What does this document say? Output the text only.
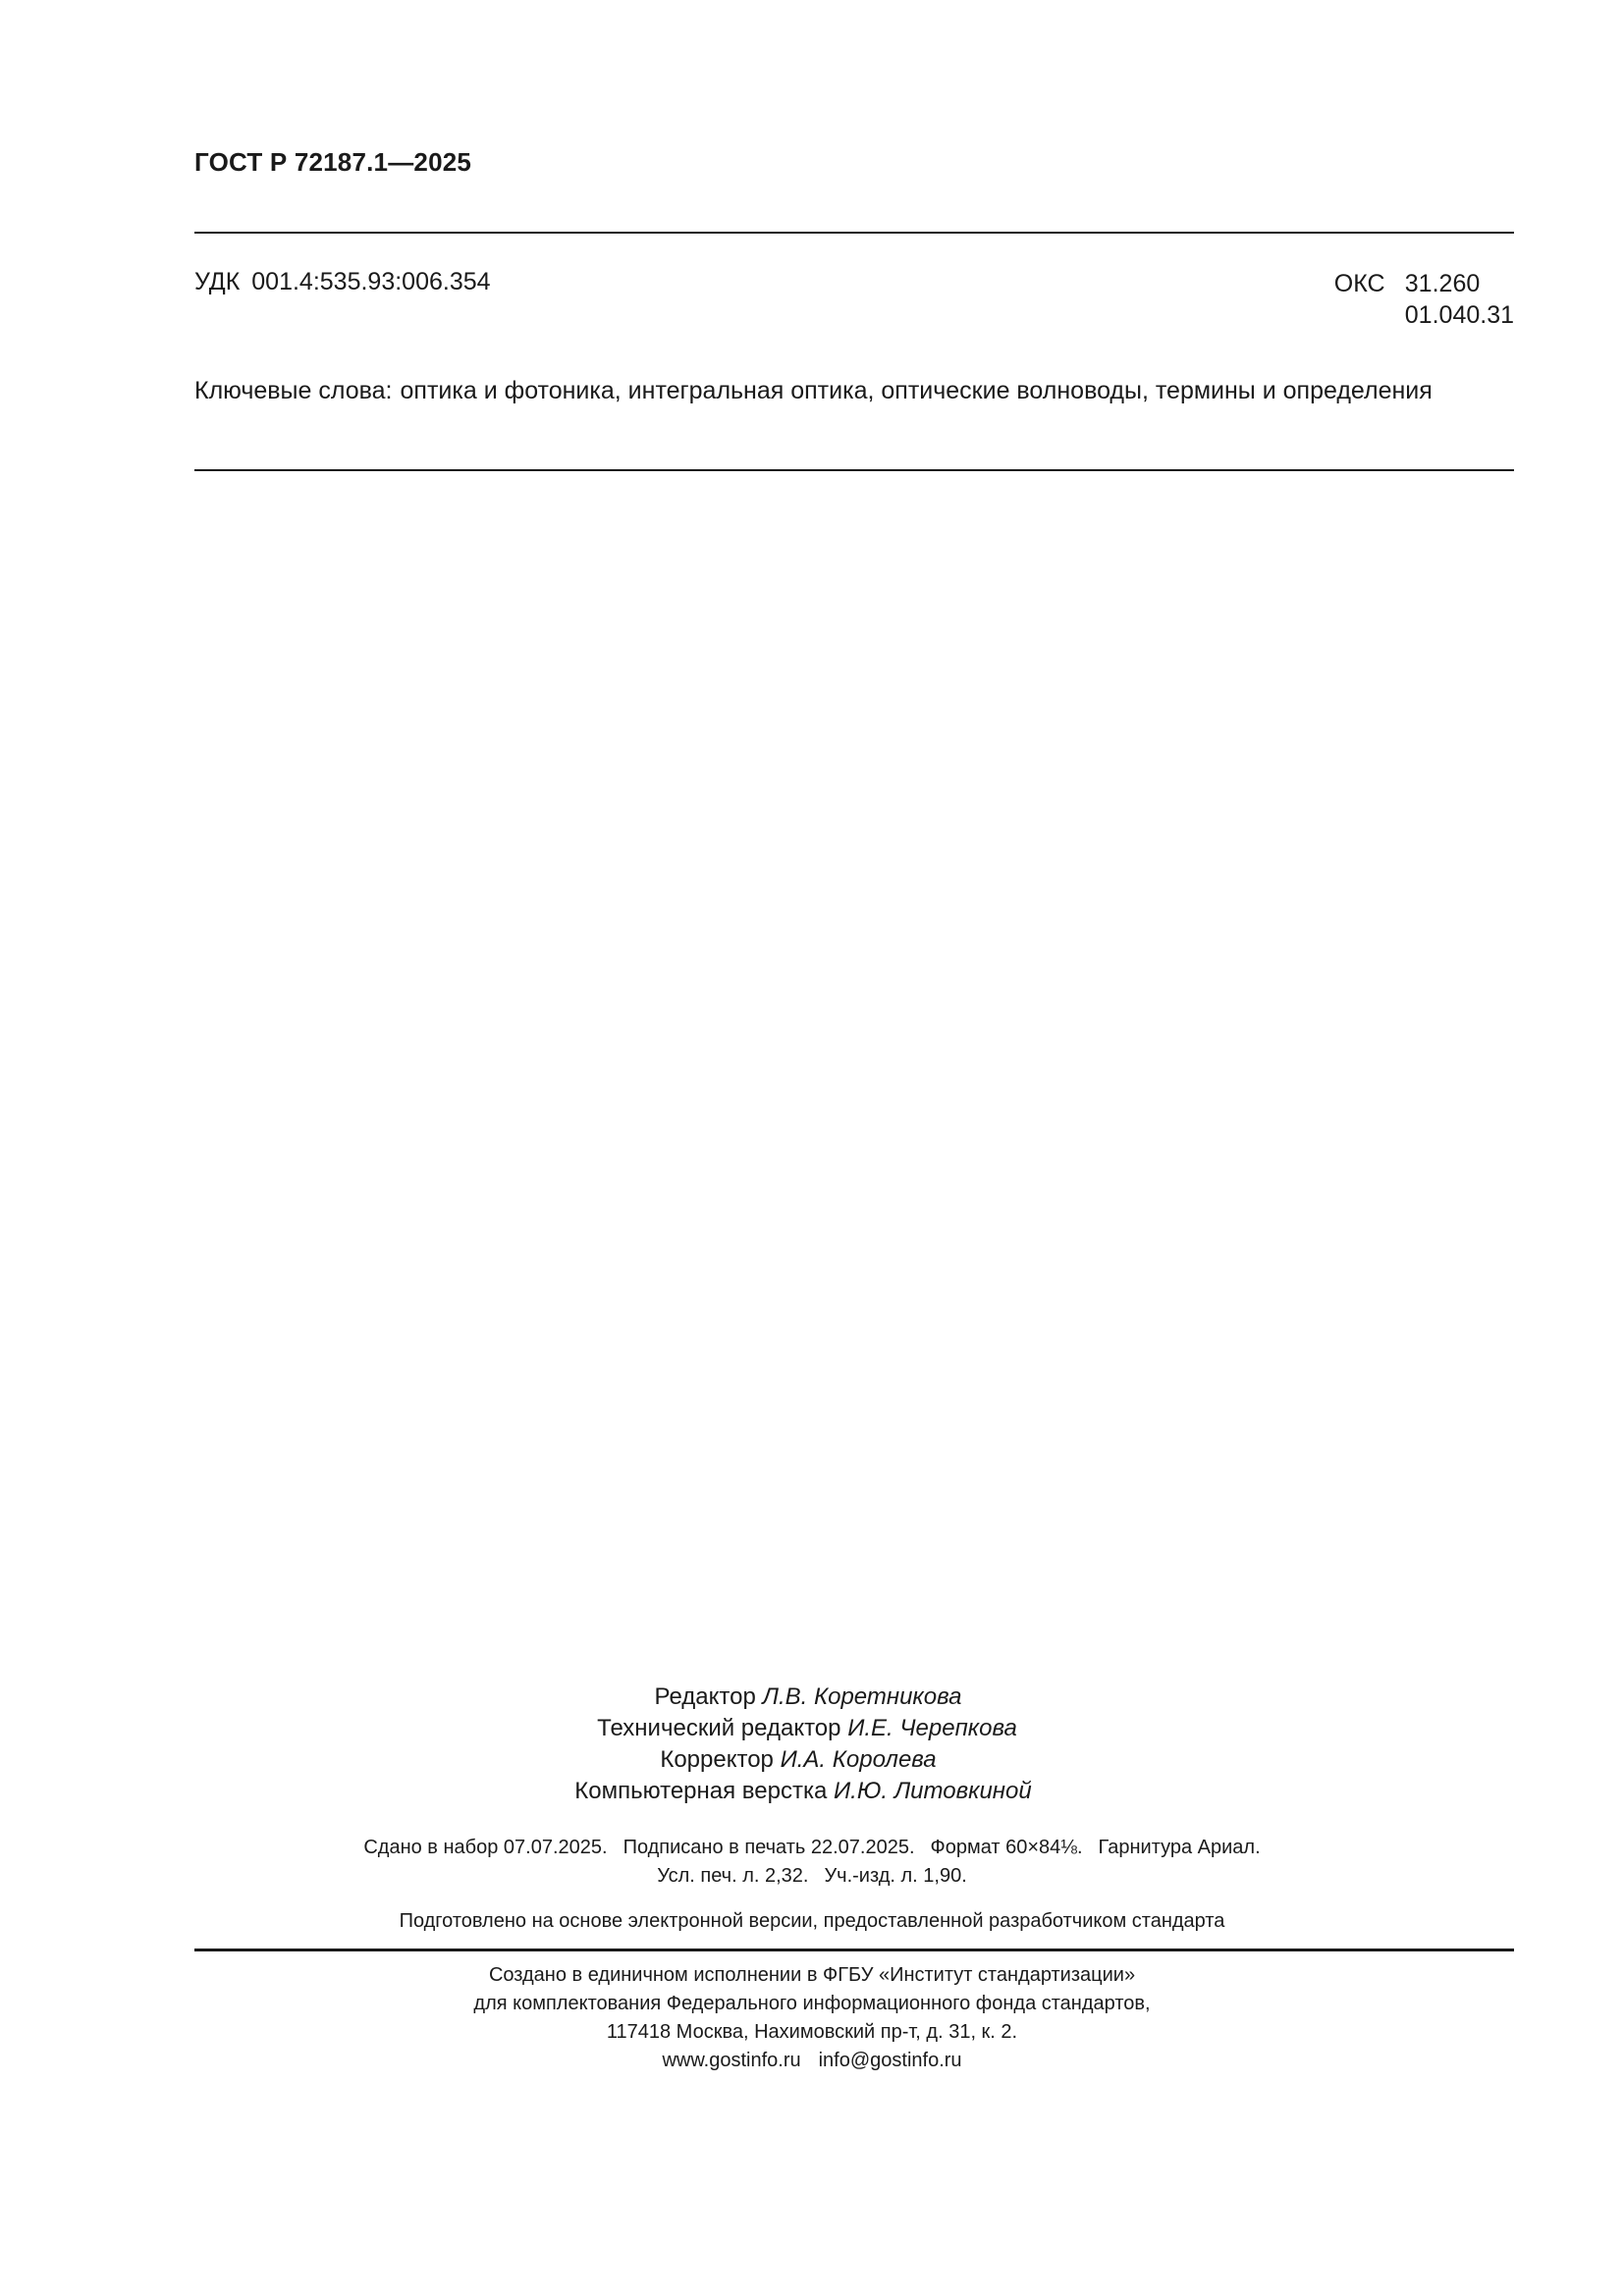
ГОСТ Р 72187.1—2025
УДК 001.4:535.93:006.354	ОКС 31.260
01.040.31
Ключевые слова: оптика и фотоника, интегральная оптика, оптические волноводы, термины и определения
Редактор Л.В. Коретникова
Технический редактор И.Е. Черепкова
Корректор И.А. Королева
Компьютерная верстка И.Ю. Литовкиной
Сдано в набор 07.07.2025. Подписано в печать 22.07.2025. Формат 60×84⅛. Гарнитура Ариал.
Усл. печ. л. 2,32. Уч.-изд. л. 1,90.
Подготовлено на основе электронной версии, предоставленной разработчиком стандарта
Создано в единичном исполнении в ФГБУ «Институт стандартизации»
для комплектования Федерального информационного фонда стандартов,
117418 Москва, Нахимовский пр-т, д. 31, к. 2.
www.gostinfo.ru info@gostinfo.ru
